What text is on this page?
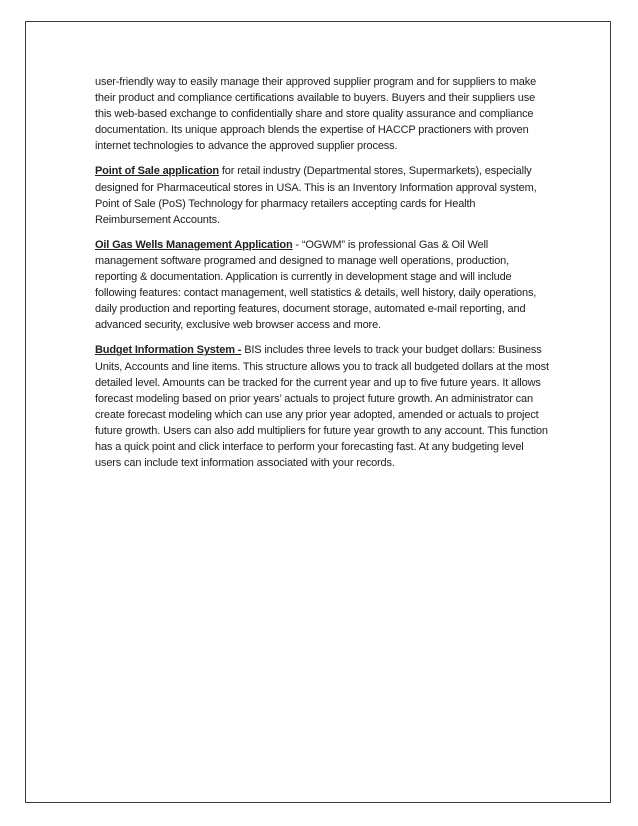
user-friendly way to easily manage their approved supplier program and for suppliers to make their product and compliance certifications available to buyers. Buyers and their suppliers use this web-based exchange to confidentially share and store quality assurance and compliance documentation. Its unique approach blends the expertise of HACCP practioners with proven internet technologies to advance the approved supplier process.

Point of Sale application for retail industry (Departmental stores, Supermarkets), especially designed for Pharmaceutical stores in USA. This is an Inventory Information approval system, Point of Sale (PoS) Technology for pharmacy retailers accepting cards for Health Reimbursement Accounts.

Oil Gas Wells Management Application - “OGWM” is professional Gas & Oil Well management software programed and designed to manage well operations, production, reporting & documentation. Application is currently in development stage and will include following features: contact management, well statistics & details, well history, daily operations, daily production and reporting features, document storage, automated e-mail reporting, and advanced security, exclusive web browser access and more.

Budget Information System - BIS includes three levels to track your budget dollars: Business Units, Accounts and line items. This structure allows you to track all budgeted dollars at the most detailed level. Amounts can be tracked for the current year and up to five future years. It allows forecast modeling based on prior years’ actuals to project future growth. An administrator can create forecast modeling which can use any prior year adopted, amended or actuals to project future growth. Users can also add multipliers for future year growth to any account. This function has a quick point and click interface to perform your forecasting fast. At any budgeting level users can include text information associated with your records.
